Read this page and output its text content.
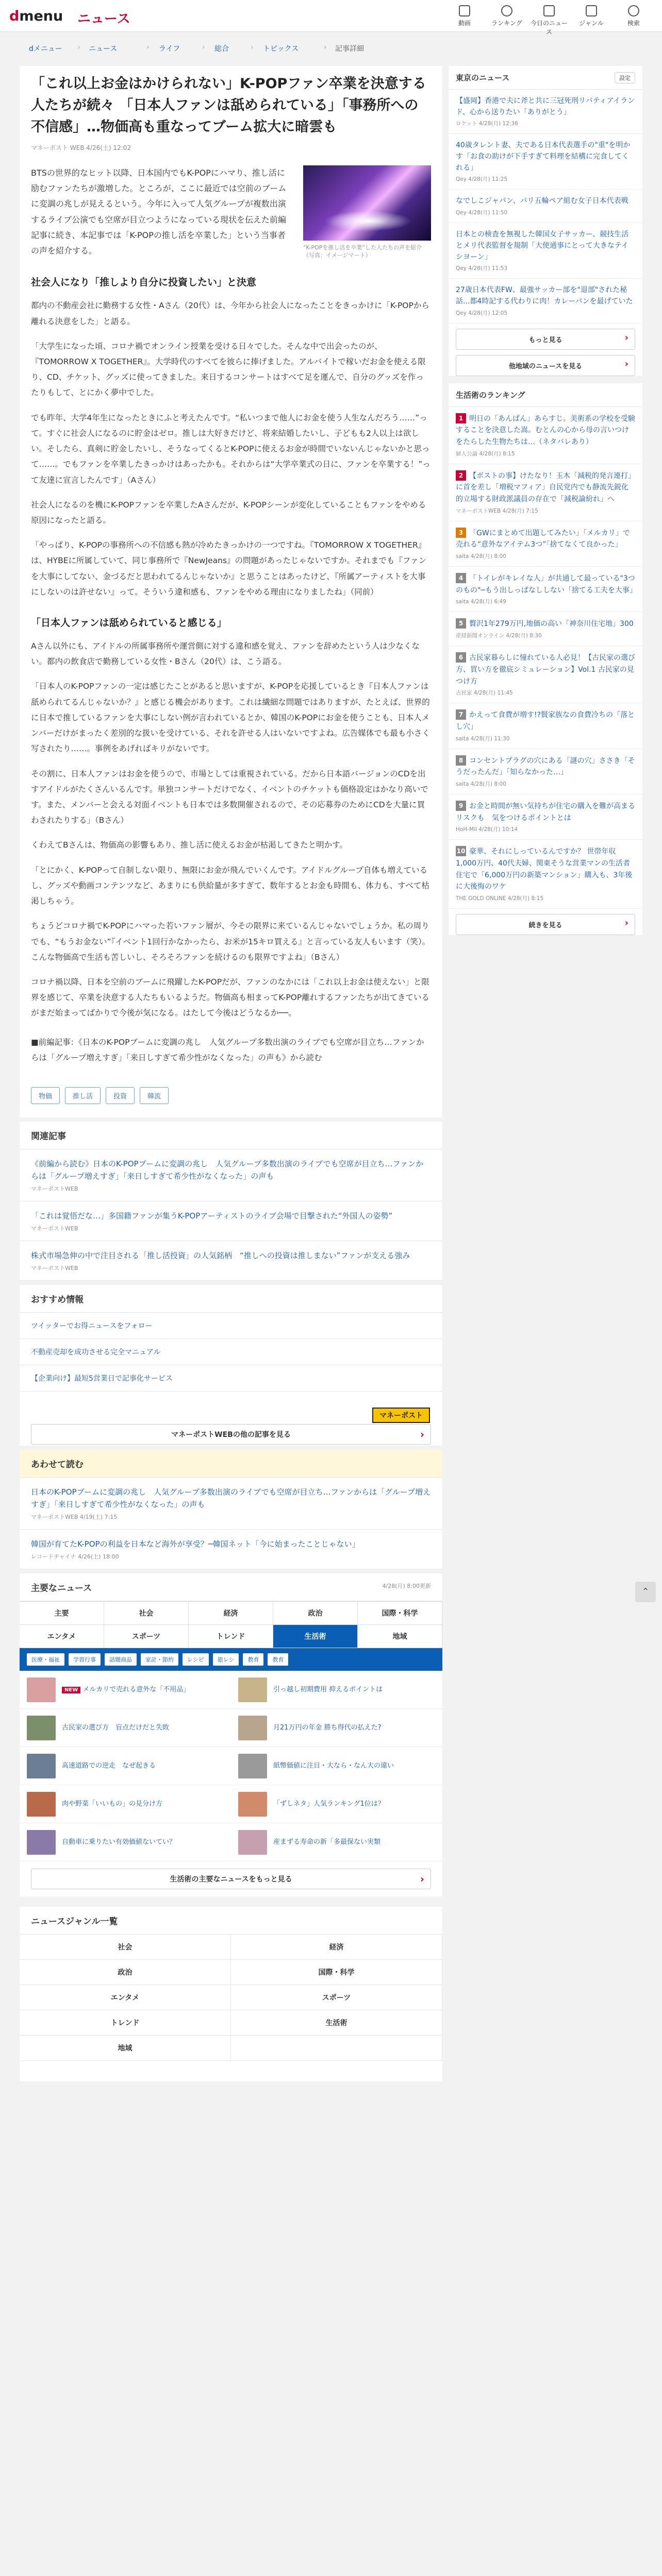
dmenu ニュース	動画	ランキング	今日のニュース
ジャンル	検索
dメニュー › ニュース	› ライフ	› 総合	› トピックス	› 記事詳細
「これ以上お金はかけられない」K-POPファン卒業を決意する人たちが続々 「日本人ファンは舐められている」「事務所への不信感」…物価高も重なってブーム拡大に暗雲も
マネーポスト WEB 4/26(土) 12:02
“K-POPを推し活を卒業”した人たちの声を紹介（写真：イメージマート）

BTSの世界的なヒット以降、日本国内でもK-POPにハマり、推し活に励むファンたちが激増した。ところが、ここに最近では空前のブームに変調の兆しが見えるという。今年に入って人気グループが複数出演するライブ公演でも空席が目立つようになっている現状を伝えた前編記事に続き、本記事では「K-POPの推し活を卒業した」という当事者の声を紹介する。

社会人になり「推しより自分に投資したい」と決意

都内の不動産会社に勤務する女性・Aさん（20代）は、今年から社会人になったことをきっかけに「K-POPから離れる決意をした」と語る。

「大学生になった頃、コロナ禍でオンライン授業を受ける日々でした。そんな中で出会ったのが、『TOMORROW X TOGETHER』。大学時代のすべてを彼らに捧げました。アルバイトで稼いだお金を使える限り、CD、チケット、グッズに使ってきました。来日するコンサートはすべて足を運んで、自分のグッズを作ったりもして、とにかく夢中でした。

でも昨年、大学4年生になったときにふと考えたんです。“私いつまで他人にお金を使う人生なんだろう……”って。すぐに社会人になるのに貯金はゼロ。推しは大好きだけど、将来結婚したいし、子どもも2人以上は欲しい。そしたら、真剣に貯金したいし、そうなってくるとK-POPに使えるお金が時間でいないんじゃないかと思って……。でもファンを卒業したきっかけはあったかも。それからは“大学卒業式の日に、ファンを卒業する！”って友達に宣言したんです」（Aさん）

社会人になるのを機にK-POPファンを卒業したAさんだが、K-POPシーンが変化していることもファンをやめる原因になったと語る。

「やっぱり、K-POPの事務所への不信感も熱が冷めたきっかけの一つですね。『TOMORROW X TOGETHER』は、HYBEに所属していて、同じ事務所で『NewJeans』の問題があったじゃないですか。それまでも『ファンを大事にしてない、金づるだと思われてるんじゃないか』と思うことはあったけど、『所属アーティストを大事にしないのは許せない』って。そういう違和感も、ファンをやめる理由になりましたね」（同前）

「日本人ファンは舐められていると感じる」

Aさん以外にも、アイドルの所属事務所や運営側に対する違和感を覚え、ファンを辞めたという人は少なくない。都内の飲食店で勤務している女性・Bさん（20代）は、こう語る。

「日本人のK-POPファンの一定は感じたことがあると思いますが、K-POPを応援しているとき『日本人ファンは舐められてるんじゃないか？』と感じる機会があります。これは繊細な問題ではありますが、たとえば、世界的に日本で推しているファンを大事にしない例が言われているとか、韓国のK-POPにお金を使うことも、日本人メンバーだけがまったく差別的な扱いを受けている、それを許せる人はいないですよね。広告媒体でも最も小さく写されたり……。事例をあげればキリがないです。

その割に、日本人ファンはお金を使うので、市場としては重視されている。だから日本語バージョンのCDを出すアイドルがたくさんいるんです。単独コンサートだけでなく、イベントのチケットも価格設定はかなり高いです。また、メンバーと会える対面イベントも日本では多数開催されるので、その応募券のためにCDを大量に買わされたりする」（Bさん）

くわえてBさんは、物価高の影響もあり、推し活に使えるお金が枯渇してきたと明かす。

「とにかく、K-POPって自制しない限り、無限にお金が飛んでいくんです。アイドルグループ自体も増えているし、グッズや動画コンテンツなど、あまりにも供給量が多すぎて、数年するとお金も時間も、体力も、すべて枯渇しちゃう。

ちょうどコロナ禍でK-POPにハマった若いファン層が、今その限界に来ているんじゃないでしょうか。私の周りでも、“もうお金ない”『イベント1回行かなかったら、お米が15キロ買える』と言っている友人もいます（笑）。こんな物価高で生活も苦しいし、そろそろファンを続けるのも限界ですよね」（Bさん）

コロナ禍以降、日本を空前のブームに飛躍したK-POPだが、ファンのなかには「これ以上お金は使えない」と限界を感じて、卒業を決意する人たちもいるようだ。物価高も相まってK-POP離れするファンたちが出てきているがまだ始まってばかりで今後が気になる。はたして今後はどうなるか──。

■前編記事：《日本のK-POPブームに変調の兆し　人気グループ多数出演のライブでも空席が目立ち…ファンからは「グループ増えすぎ」「来日しすぎて希少性がなくなった」の声も》から読む

物価	推し活	投資	韓流
関連記事
《前編から読む》日本のK-POPブームに変調の兆し　人気グループ多数出演のライブでも空席が目立ち…ファンからは「グループ増えすぎ」「来日しすぎて希少性がなくなった」の声も
マネーポストWEB
「これは覚悟だな…」多国籍ファンが集うK-POPアーティストのライブ会場で目撃された“外国人の姿勢”
マネーポストWEB
株式市場急伸の中で注目される「推し活投資」の人気銘柄　“推しへの投資は推しまない”ファンが支える強み
マネーポストWEB
おすすめ情報
ツイッターでお得ニュースをフォロー
不動産売却を成功させる完全マニュアル
【企業向け】最短5営業日で記事化サービス
マネーポスト
マネーポストWEBの他の記事を見る ›
あわせて読む
日本のK-POPブームに変調の兆し　人気グループ多数出演のライブでも空席が目立ち…ファンからは「グループ増えすぎ」「来日しすぎて希少性がなくなった」の声も
マネーポストWEB 4/19(土) 7:15
韓国が育てたK-POPの利益を日本など海外が享受？─韓国ネット「今に始まったことじゃない」
レコードチャイナ 4/26(土) 18:00
主要なニュース	4/28(月) 8:00更新
主要	社会	経済	政治	国際・科学
エンタメ	スポーツ	トレンド	生活術	地域
医療・福祉	学習行事	話題商品	家計・節約	レシピ	旅レシ	教育	教育
NEW メルカリで売れる意外な「不用品」	引っ越し初期費用 抑えるポイントは
古民家の選び方　盲点だけだと失敗	月21万円の年金 勝ち得代の払えた?
高速道路での逆走　なぜ起きる	紙幣価値に注目・大なら・なん大の違い
肉や野菜「いいもの」の見分け方	「ずしネタ」人気ランキング1位は？
自動車に乗りたい有効価値ないてい？	産まずる寿命の新「多最保ない実類
生活術の主要なニュースをもっと見る ›
ニュースジャンル一覧
社会	経済
政治	国際・科学
エンタメ	スポーツ
トレンド	生活術
地域
東京のニュース	設定
【盛岡】香港で夫に斧と共に三冠死刑リバティアイランド、心から送りたい「ありがとう」
ロケット 4/28(月) 12:36
40歳タレント妻、夫である日本代表選手の"重"を明かす「お食の助けが下手すぎて料理を結構に完食してくれる」
Qey 4/28(月) 11:25
なでしこジャパン、パリ五輪ペア組む女子日本代表戦
Qey 4/28(月) 11:50
日本との検査を無視した韓国女子サッカー、競技生活とメリ代表監督を規制「大使通事にとって大きなテイシヨーン」
Qey 4/28(月) 11:53
27歳日本代表FW、最強サッカー部を"退部"された秘話...都4時記する代わりに肉！カレーパンを最げていた
Qey 4/28(月) 12:05
もっと見る ›
他地域のニュースを見る ›
生活術のランキング
1 明日の「あんぱん」あらすじ。美術系の学校を受験することを決意した嵩。むとんの心から母の言いつけをたらした生物たちは…（ネタバレあり）
婦人公論 4/28(月) 8:15
2 【ボストの事】けたなり！玉木「減税的発言連打」に首を差し「増税マフィア」自民党内でも静流先鋭化的立場する財政派議員の存在で「減税論紛れ」へ
マネーポストWEB 4/28(月) 7:15
3 「GWにまとめて出題してみたい」「メルカリ」で売れる“意外なアイテム3つ”「捨てなくて良かった」
saita 4/28(月) 8:00
4 「トイレがキレイな人」が共通して最っている"3つのもの"─もう出しっぱなししない「捨てる工夫を大事」
saita 4/28(月) 6:49
5 贅沢1年279万円,地価の高い「神奈川住宅地」300
産経新聞オンライン 4/28(月) 8:30
6 古民家暮らしに憧れている人必見！【古民家の選び方、買い方を徹底シミュレーション】Vol.1 古民家の見つけ方
古民家 4/28(月) 11:45
7 かえって食費が増す!?賢家族なの食費冷ちの「落とし穴」
saita 4/28(月) 11:30
8 コンセントプラグの穴にある「謎の穴」ささき「そうだったんだ」「知らなかった…」
saita 4/28(月) 8:00
9 お金と時間が無い気持ちが住宅の購入を難が高まるリスクも　気をつけるポイントとは
HoH-Mil 4/28(月) 10:14
10 豪華、それにしっているんですか？ 世帯年収1,000万円、40代夫婦、関東そうな営業マンの生活者住宅で「6,000万円の新築マンション」購入も、3年後に大後悔のワケ
THE GOLD ONLINE 4/28(月) 8:15
続きを見る ›
⌃
